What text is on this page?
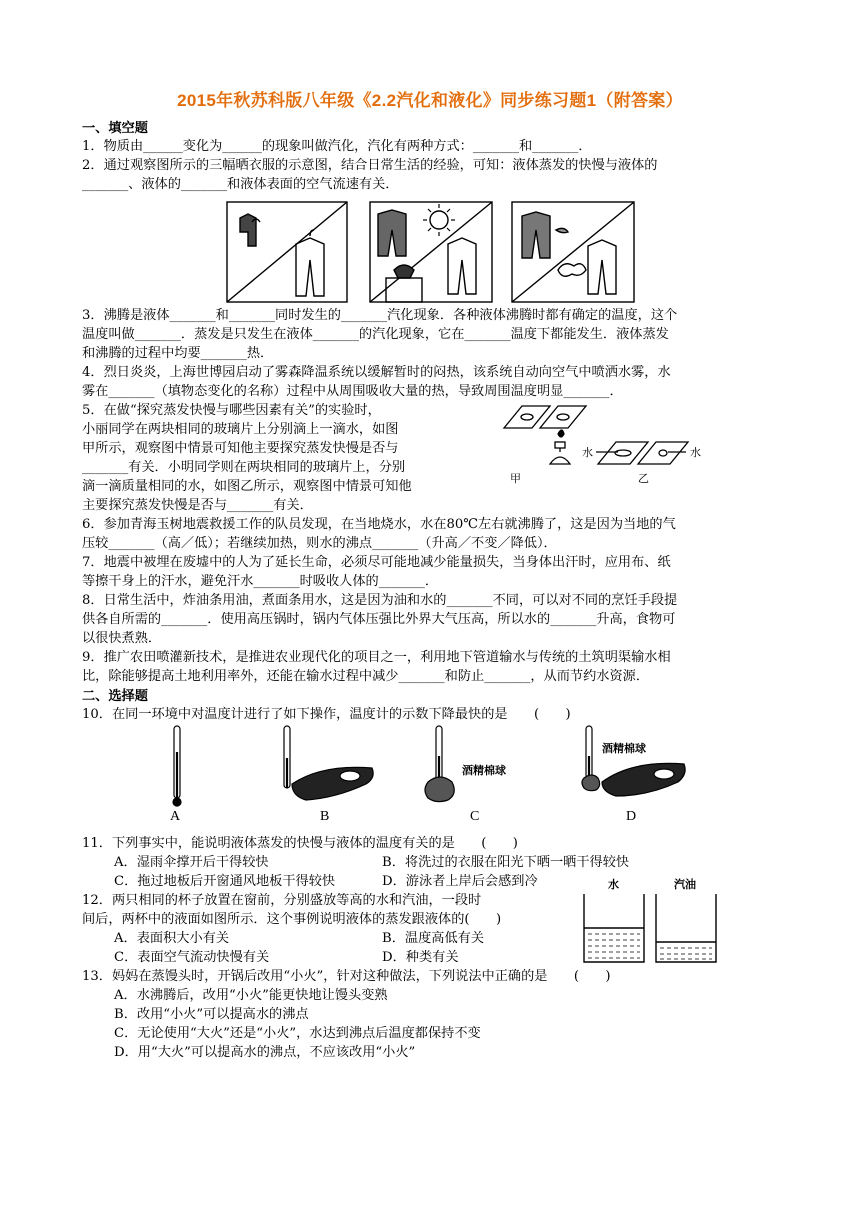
2015年秋苏科版八年级《2.2汽化和液化》同步练习题1（附答案）
一、填空题
1．物质由______变化为______的现象叫做汽化，汽化有两种方式：_______和_______．
2．通过观察图所示的三幅晒衣服的示意图，结合日常生活的经验，可知：液体蒸发的快慢与液体的
_______、液体的_______和液体表面的空气流速有关．
3．沸腾是液体_______和_______同时发生的_______汽化现象．各种液体沸腾时都有确定的温度，这个
温度叫做_______．蒸发是只发生在液体_______的汽化现象，它在_______温度下都能发生．液体蒸发
和沸腾的过程中均要_______热．
4．烈日炎炎，上海世博园启动了雾森降温系统以缓解暂时的闷热，该系统自动向空气中喷洒水雾，水
雾在_______（填物态变化的名称）过程中从周围吸收大量的热，导致周围温度明显_______．
5．在做“探究蒸发快慢与哪些因素有关”的实验时，
小丽同学在两块相同的玻璃片上分别滴上一滴水，如图
甲所示，观察图中情景可知他主要探究蒸发快慢是否与
_______有关．小明同学则在两块相同的玻璃片上，分别
滴一滴质量相同的水，如图乙所示，观察图中情景可知他
主要探究蒸发快慢是否与_______有关．
甲	乙
水	水
6．参加青海玉树地震救援工作的队员发现，在当地烧水，水在80℃左右就沸腾了，这是因为当地的气
压较_______（高／低）；若继续加热，则水的沸点_______（升高／不变／降低）．
7．地震中被埋在废墟中的人为了延长生命，必须尽可能地减少能量损失，当身体出汗时，应用布、纸
等擦干身上的汗水，避免汗水_______时吸收人体的_______．
8．日常生活中，炸油条用油，煮面条用水，这是因为油和水的_______不同，可以对不同的烹饪手段提
供各自所需的_______．使用高压锅时，锅内气体压强比外界大气压高，所以水的_______升高，食物可
以很快煮熟．
9．推广农田喷灌新技术，是推进农业现代化的项目之一，利用地下管道输水与传统的土筑明渠输水相
比，除能够提高土地利用率外，还能在输水过程中减少_______和防止_______，从而节约水资源．
二、选择题
10．在同一环境中对温度计进行了如下操作，温度计的示数下降最快的是　　(　　)
A	B	C	D
酒精棉球
酒精棉球
11．下列事实中，能说明液体蒸发的快慢与液体的温度有关的是　　(　　)
A．湿雨伞撑开后干得较快	B．将洗过的衣服在阳光下晒一晒干得较快
C．拖过地板后开窗通风地板干得较快	D．游泳者上岸后会感到冷
12．两只相同的杯子放置在窗前，分别盛放等高的水和汽油，一段时
间后，两杯中的液面如图所示．这个事例说明液体的蒸发跟液体的(　　)
A．表面积大小有关	B．温度高低有关
C．表面空气流动快慢有关	D．种类有关
水	汽油
13．妈妈在蒸馒头时，开锅后改用“小火”，针对这种做法，下列说法中正确的是　　(　　)
A．水沸腾后，改用“小火”能更快地让馒头变熟
B．改用“小火”可以提高水的沸点
C．无论使用“大火”还是“小火”，水达到沸点后温度都保持不变
D．用“大火”可以提高水的沸点，不应该改用“小火”
